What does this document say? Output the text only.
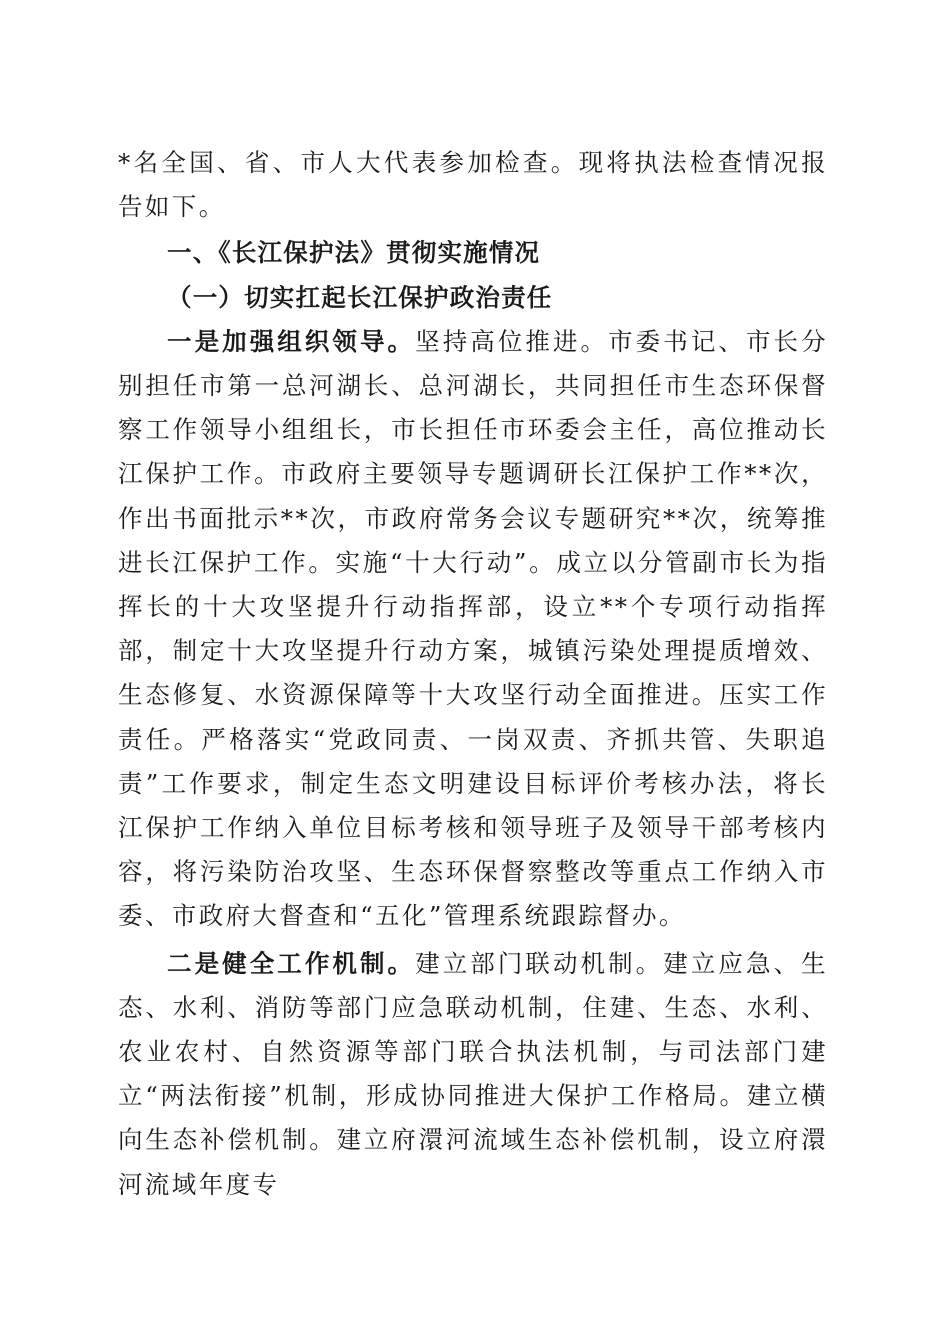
*名全国、省、市人大代表参加检查。现将执法检查情况报告如下。

一、《长江保护法》贯彻实施情况

（一）切实扛起长江保护政治责任

一是加强组织领导。坚持高位推进。市委书记、市长分别担任市第一总河湖长、总河湖长，共同担任市生态环保督察工作领导小组组长，市长担任市环委会主任，高位推动长江保护工作。市政府主要领导专题调研长江保护工作**次，作出书面批示**次，市政府常务会议专题研究**次，统筹推进长江保护工作。实施“十大行动”。成立以分管副市长为指挥长的十大攻坚提升行动指挥部，设立**个专项行动指挥部，制定十大攻坚提升行动方案，城镇污染处理提质增效、生态修复、水资源保障等十大攻坚行动全面推进。压实工作责任。严格落实“党政同责、一岗双责、齐抓共管、失职追责”工作要求，制定生态文明建设目标评价考核办法，将长江保护工作纳入单位目标考核和领导班子及领导干部考核内容，将污染防治攻坚、生态环保督察整改等重点工作纳入市委、市政府大督查和“五化”管理系统跟踪督办。

二是健全工作机制。建立部门联动机制。建立应急、生态、水利、消防等部门应急联动机制，住建、生态、水利、农业农村、自然资源等部门联合执法机制，与司法部门建立“两法衔接”机制，形成协同推进大保护工作格局。建立横向生态补偿机制。建立府澴河流域生态补偿机制，设立府澴河流域年度专
